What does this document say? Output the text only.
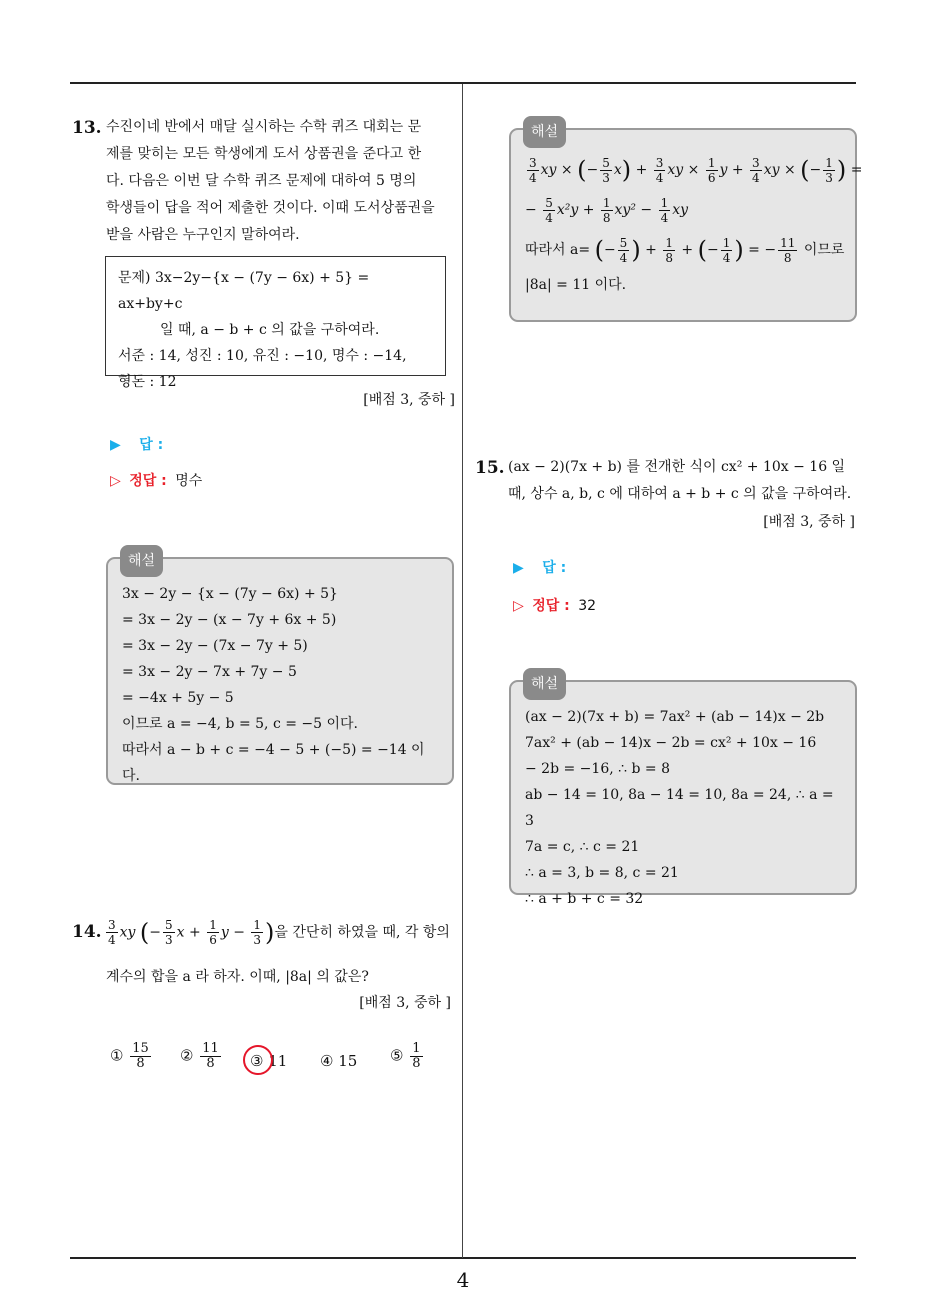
13. 수진이네 반에서 매달 실시하는 수학 퀴즈 대회는 문
제를 맞히는 모든 학생에게 도서 상품권을 준다고 한
다. 다음은 이번 달 수학 퀴즈 문제에 대하여 5 명의
학생들이 답을 적어 제출한 것이다. 이때 도서상품권을
받을 사람은 누구인지 말하여라.
문제) 3x−2y−{x − (7y − 6x) + 5} = ax+by+c
일 때, a − b + c 의 값을 구하여라.
서준 : 14, 성진 : 10, 유진 : −10, 명수 : −14,
형돈 : 12
[배점 3, 중하 ]
▶ 답 :
▷ 정답 : 명수
해설
3x − 2y − {x − (7y − 6x) + 5}
= 3x − 2y − (x − 7y + 6x + 5)
= 3x − 2y − (7x − 7y + 5)
= 3x − 2y − 7x + 7y − 5
= −4x + 5y − 5
이므로 a = −4, b = 5, c = −5 이다.
따라서 a − b + c = −4 − 5 + (−5) = −14 이다.
14. $\frac{3}{4}$ xy (− $\frac{5}{3}$ $x + \frac{1}{6}$ $y - \frac{1}{3}$ )을 간단히 하였을 때, 각 항의
계수의 합을 a 라 하자. 이때, |8a| 의 값은?
[배점 3, 중하 ]
① $\frac{15}{8}$ ② $\frac{11}{8}$ ③ 11 ④ 15 ⑤ $\frac{1}{8}$
해설
$\frac{3}{4}$ xy × (− $\frac{5}{3} x) + \frac{3}{4}$ xy × $\frac{1}{6}$ $y + \frac{3}{4}$ xy × (− $\frac{1}{3}$ ) =
− $\frac{5}{4} x^2y + \frac{1}{8} xy^2 - \frac{1}{4}$ xy
따라서 a= (− $\frac{5}{4}$ ) + $\frac{1}{8}$ + (− $\frac{1}{4}$ ) = − $\frac{11}{8}$ 이므로
|8a| = 11 이다.
15. (ax − 2)(7x + b) 를 전개한 식이 cx² + 10x − 16 일
때, 상수 a, b, c 에 대하여 a + b + c 의 값을 구하여라.
[배점 3, 중하 ]
▶ 답 :
▷ 정답 : 32
해설
(ax − 2)(7x + b) = 7ax² + (ab − 14)x − 2b
7ax² + (ab − 14)x − 2b = cx² + 10x − 16
− 2b = −16, ∴ b = 8
ab − 14 = 10, 8a − 14 = 10, 8a = 24, ∴ a = 3
7a = c, ∴ c = 21
∴ a = 3, b = 8, c = 21
∴ a + b + c = 32
4
